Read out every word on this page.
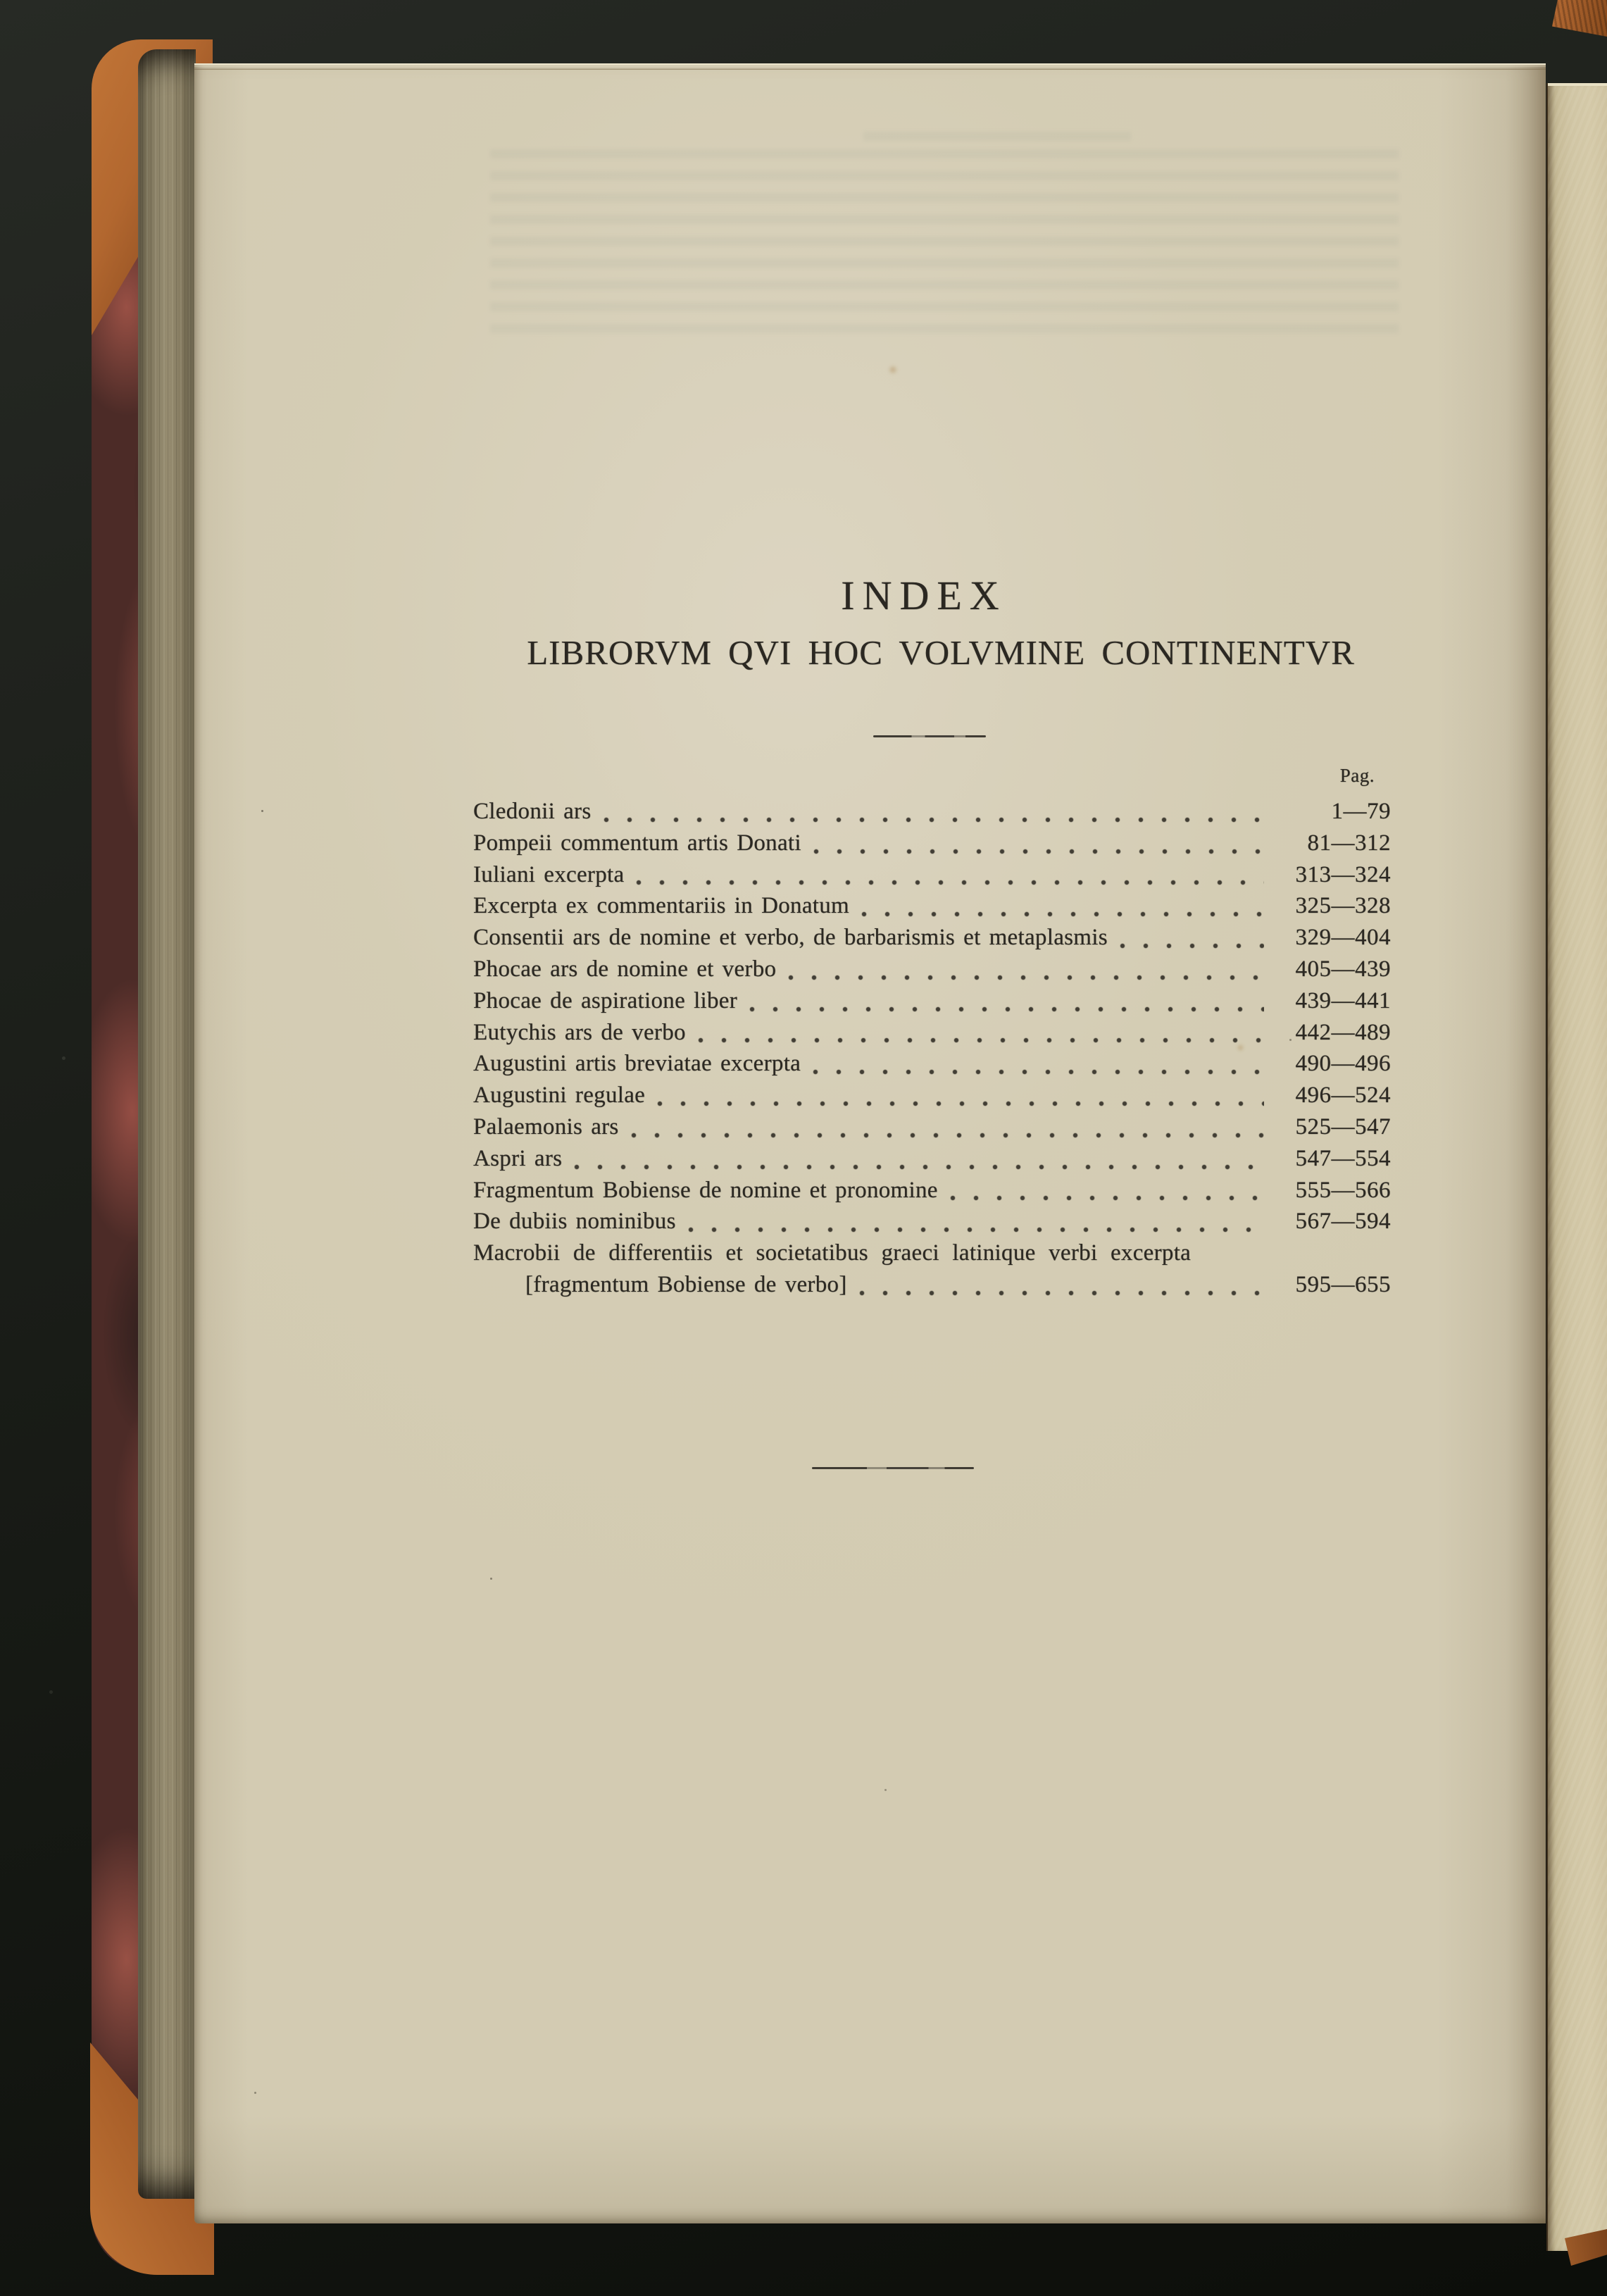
INDEX
LIBRORVM QVI HOC VOLVMINE CONTINENTVR
Pag.
Cledonii ars	1—79
Pompeii commentum artis Donati	81—312
Iuliani excerpta	313—324
Excerpta ex commentariis in Donatum	325—328
Consentii ars de nomine et verbo, de barbarismis et metaplasmis	329—404
Phocae ars de nomine et verbo	405—439
Phocae de aspiratione liber	439—441
Eutychis ars de verbo	442—489
Augustini artis breviatae excerpta	490—496
Augustini regulae	496—524
Palaemonis ars	525—547
Aspri ars	547—554
Fragmentum Bobiense de nomine et pronomine	555—566
De dubiis nominibus	567—594
Macrobii de differentiis et societatibus graeci latinique verbi excerpta
[fragmentum Bobiense de verbo]	595—655
